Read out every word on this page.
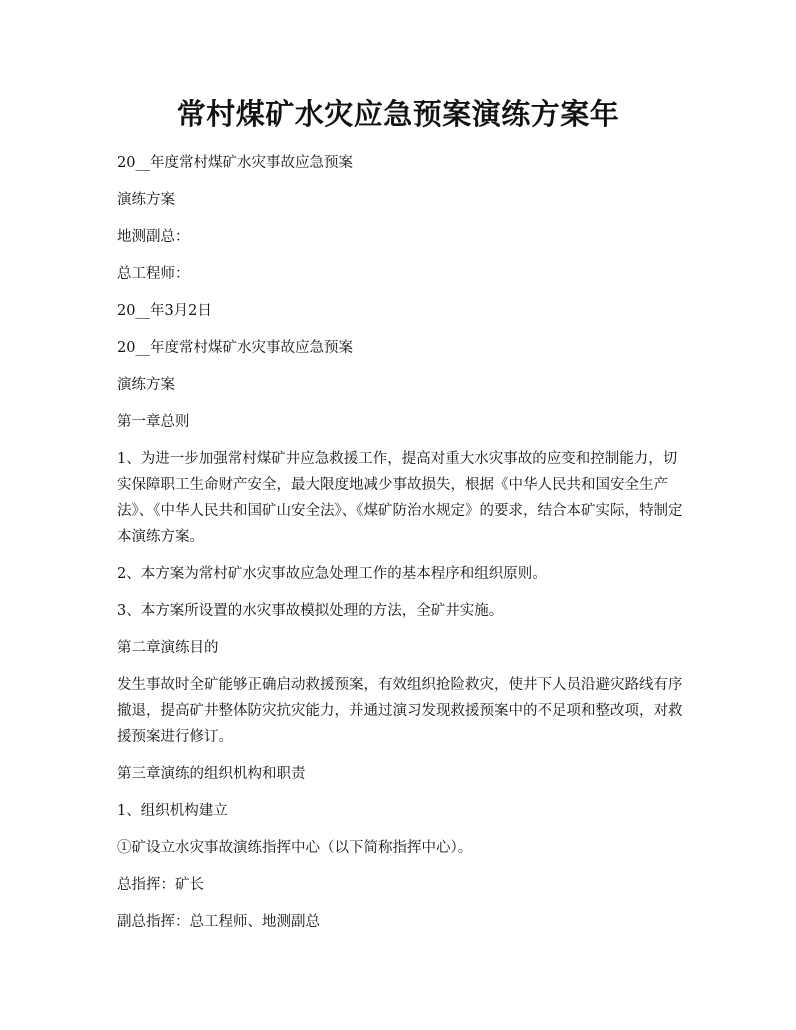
常村煤矿水灾应急预案演练方案年

20__年度常村煤矿水灾事故应急预案

演练方案

地测副总：

总工程师：

20__年3月2日

20__年度常村煤矿水灾事故应急预案

演练方案

第一章总则

1、为进一步加强常村煤矿井应急救援工作，提高对重大水灾事故的应变和控制能力，切实保障职工生命财产安全，最大限度地减少事故损失，根据《中华人民共和国安全生产法》、《中华人民共和国矿山安全法》、《煤矿防治水规定》的要求，结合本矿实际，特制定本演练方案。

2、本方案为常村矿水灾事故应急处理工作的基本程序和组织原则。

3、本方案所设置的水灾事故模拟处理的方法，全矿井实施。

第二章演练目的

发生事故时全矿能够正确启动救援预案，有效组织抢险救灾，使井下人员沿避灾路线有序撤退，提高矿井整体防灾抗灾能力，并通过演习发现救援预案中的不足项和整改项，对救援预案进行修订。

第三章演练的组织机构和职责

1、组织机构建立

①矿设立水灾事故演练指挥中心（以下简称指挥中心）。

总指挥：矿长

副总指挥：总工程师、地测副总
